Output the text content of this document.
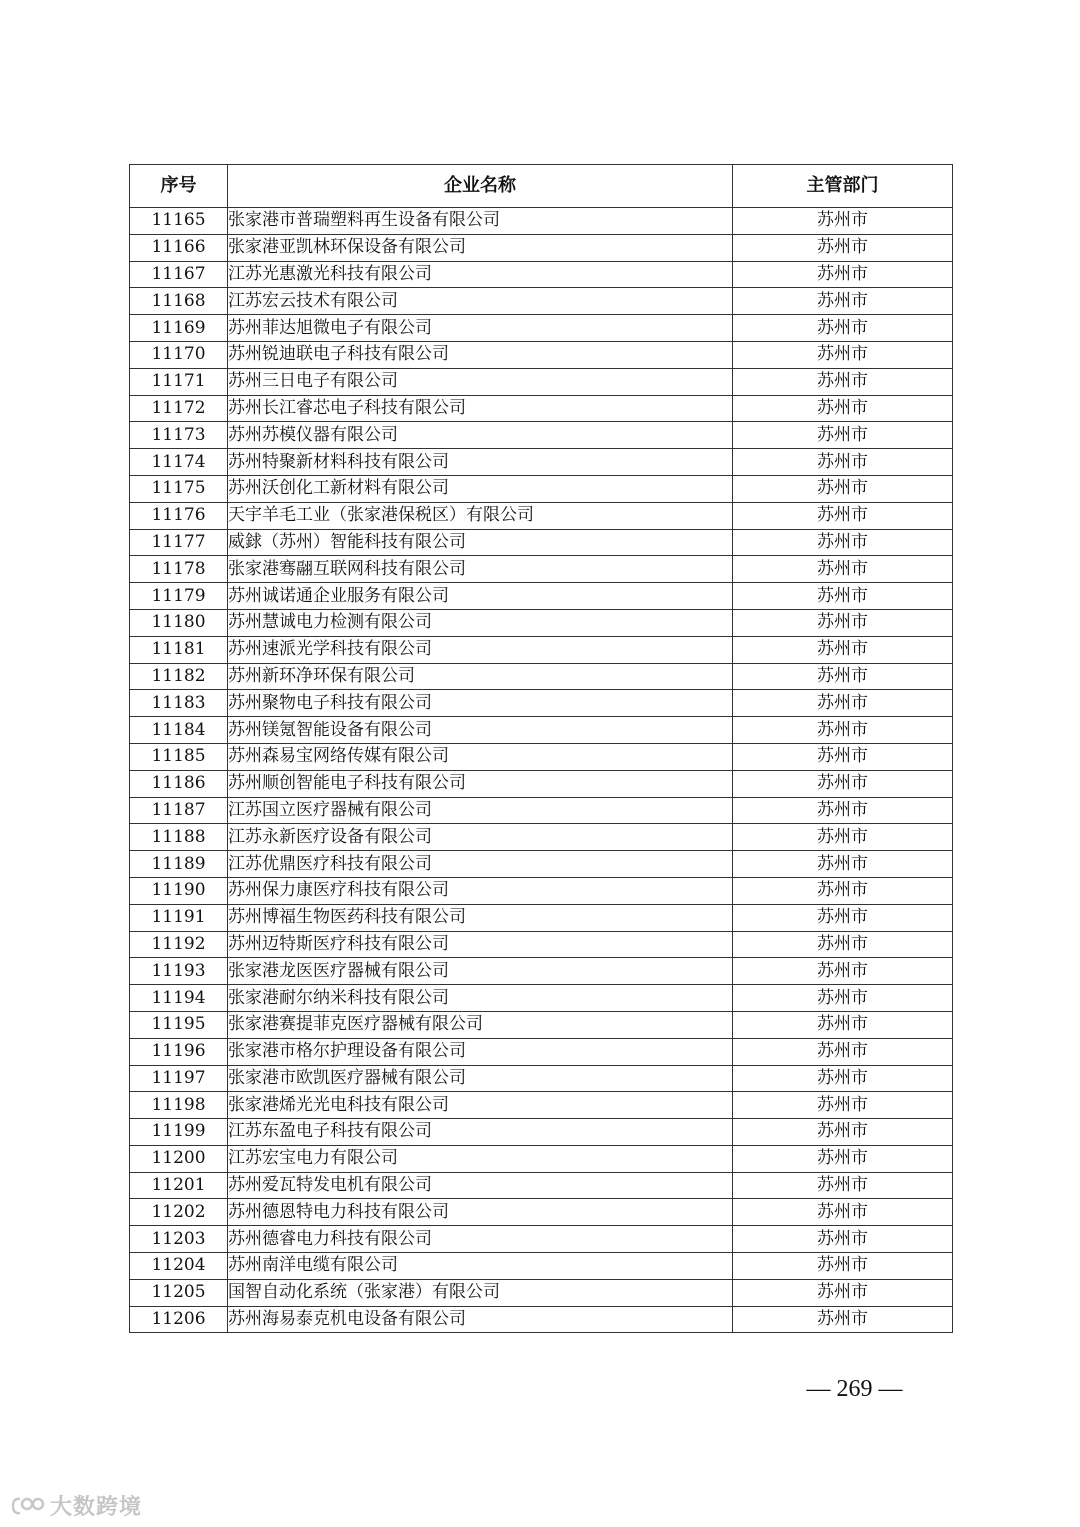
序号	企业名称	主管部门
11165	张家港市普瑞塑料再生设备有限公司	苏州市
11166	张家港亚凯林环保设备有限公司	苏州市
11167	江苏光惠激光科技有限公司	苏州市
11168	江苏宏云技术有限公司	苏州市
11169	苏州菲达旭微电子有限公司	苏州市
11170	苏州锐迪联电子科技有限公司	苏州市
11171	苏州三日电子有限公司	苏州市
11172	苏州长江睿芯电子科技有限公司	苏州市
11173	苏州苏模仪器有限公司	苏州市
11174	苏州特聚新材料科技有限公司	苏州市
11175	苏州沃创化工新材料有限公司	苏州市
11176	天宇羊毛工业（张家港保税区）有限公司	苏州市
11177	威銶（苏州）智能科技有限公司	苏州市
11178	张家港骞翮互联网科技有限公司	苏州市
11179	苏州诚诺通企业服务有限公司	苏州市
11180	苏州慧诚电力检测有限公司	苏州市
11181	苏州速派光学科技有限公司	苏州市
11182	苏州新环净环保有限公司	苏州市
11183	苏州聚物电子科技有限公司	苏州市
11184	苏州镁氪智能设备有限公司	苏州市
11185	苏州森易宝网络传媒有限公司	苏州市
11186	苏州顺创智能电子科技有限公司	苏州市
11187	江苏国立医疗器械有限公司	苏州市
11188	江苏永新医疗设备有限公司	苏州市
11189	江苏优鼎医疗科技有限公司	苏州市
11190	苏州保力康医疗科技有限公司	苏州市
11191	苏州博福生物医药科技有限公司	苏州市
11192	苏州迈特斯医疗科技有限公司	苏州市
11193	张家港龙医医疗器械有限公司	苏州市
11194	张家港耐尔纳米科技有限公司	苏州市
11195	张家港赛提菲克医疗器械有限公司	苏州市
11196	张家港市格尔护理设备有限公司	苏州市
11197	张家港市欧凯医疗器械有限公司	苏州市
11198	张家港烯光光电科技有限公司	苏州市
11199	江苏东盈电子科技有限公司	苏州市
11200	江苏宏宝电力有限公司	苏州市
11201	苏州爱瓦特发电机有限公司	苏州市
11202	苏州德恩特电力科技有限公司	苏州市
11203	苏州德睿电力科技有限公司	苏州市
11204	苏州南洋电缆有限公司	苏州市
11205	国智自动化系统（张家港）有限公司	苏州市
11206	苏州海易泰克机电设备有限公司	苏州市
— 269 —
大数跨境
